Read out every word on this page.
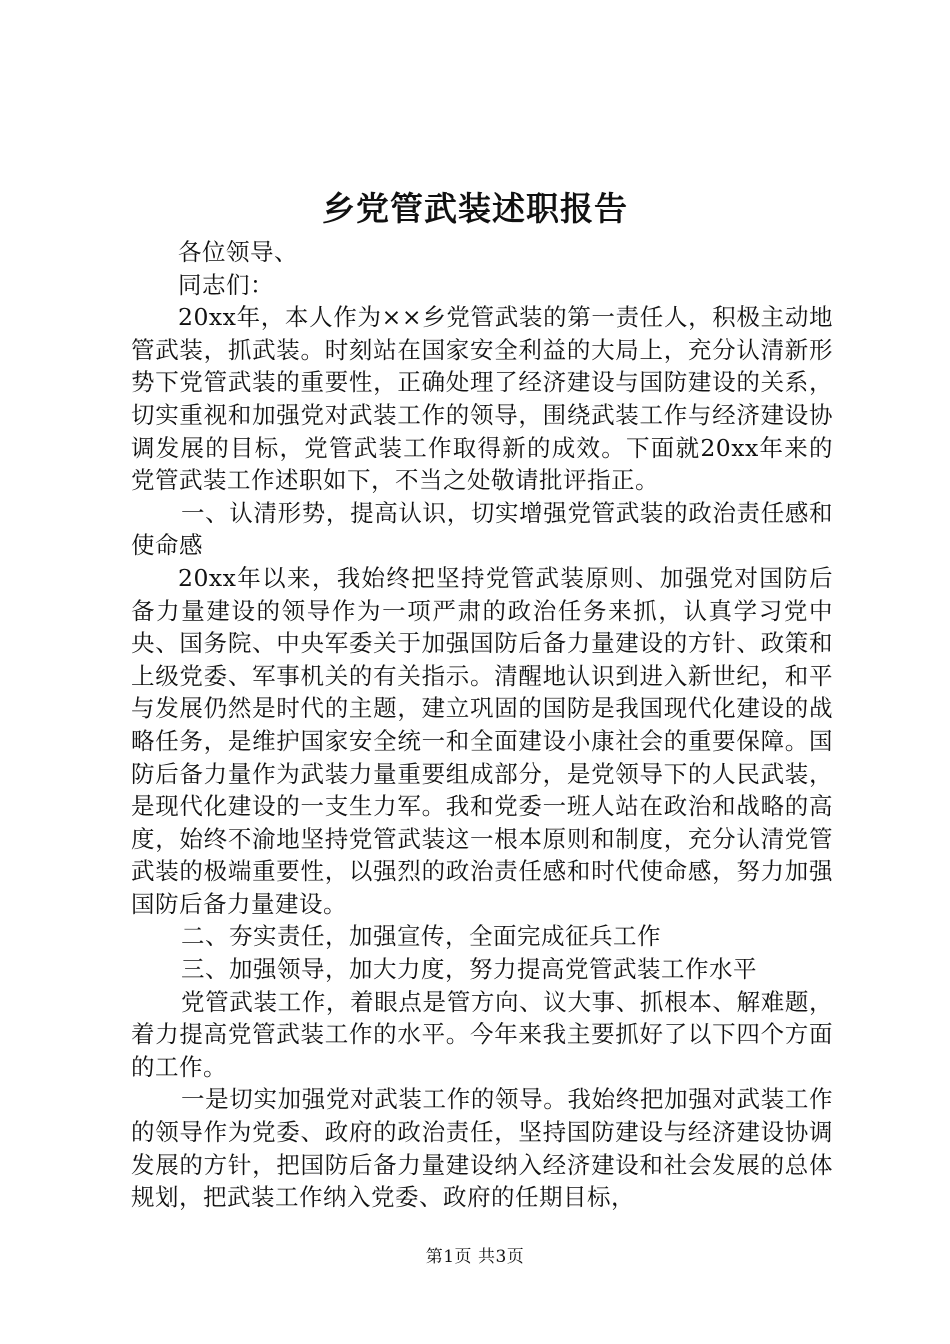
乡党管武装述职报告

各位领导、

同志们：

20xx年，本人作为××乡党管武装的第一责任人，积极主动地管武装，抓武装。时刻站在国家安全利益的大局上，充分认清新形势下党管武装的重要性，正确处理了经济建设与国防建设的关系，切实重视和加强党对武装工作的领导，围绕武装工作与经济建设协调发展的目标，党管武装工作取得新的成效。下面就20xx年来的党管武装工作述职如下，不当之处敬请批评指正。

一、认清形势，提高认识，切实增强党管武装的政治责任感和使命感

20xx年以来，我始终把坚持党管武装原则、加强党对国防后备力量建设的领导作为一项严肃的政治任务来抓，认真学习党中央、国务院、中央军委关于加强国防后备力量建设的方针、政策和上级党委、军事机关的有关指示。清醒地认识到进入新世纪，和平与发展仍然是时代的主题，建立巩固的国防是我国现代化建设的战略任务，是维护国家安全统一和全面建设小康社会的重要保障。国防后备力量作为武装力量重要组成部分，是党领导下的人民武装，是现代化建设的一支生力军。我和党委一班人站在政治和战略的高度，始终不渝地坚持党管武装这一根本原则和制度，充分认清党管武装的极端重要性，以强烈的政治责任感和时代使命感，努力加强国防后备力量建设。

二、夯实责任，加强宣传，全面完成征兵工作

三、加强领导，加大力度，努力提高党管武装工作水平

党管武装工作，着眼点是管方向、议大事、抓根本、解难题，着力提高党管武装工作的水平。今年来我主要抓好了以下四个方面的工作。

一是切实加强党对武装工作的领导。我始终把加强对武装工作的领导作为党委、政府的政治责任，坚持国防建设与经济建设协调发展的方针，把国防后备力量建设纳入经济建设和社会发展的总体规划，把武装工作纳入党委、政府的任期目标，

第1页 共3页
